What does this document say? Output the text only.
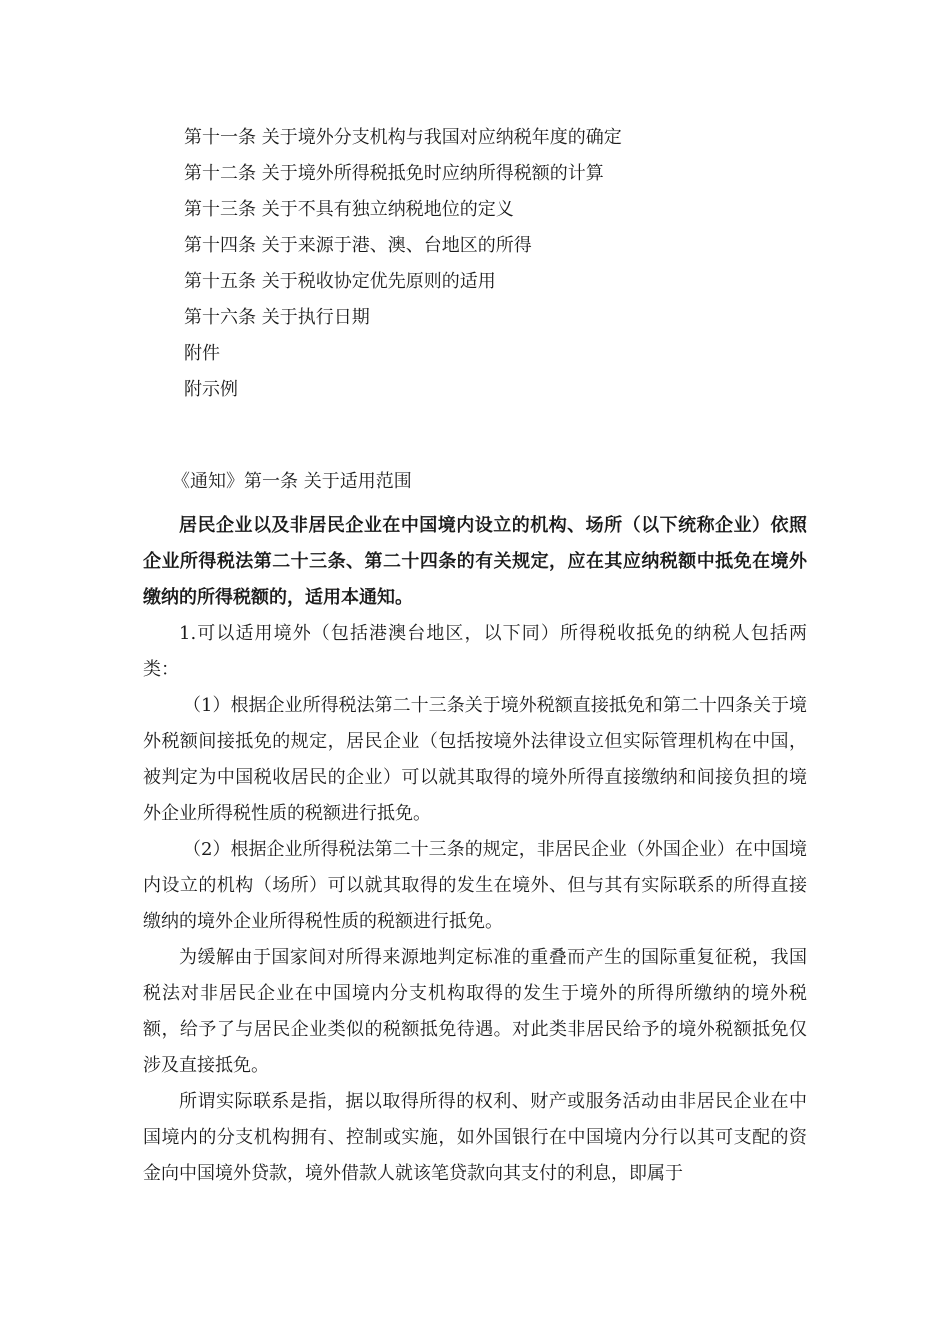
第十一条 关于境外分支机构与我国对应纳税年度的确定
第十二条 关于境外所得税抵免时应纳所得税额的计算
第十三条 关于不具有独立纳税地位的定义
第十四条 关于来源于港、澳、台地区的所得
第十五条 关于税收协定优先原则的适用
第十六条 关于执行日期
附件
附示例
《通知》第一条 关于适用范围

居民企业以及非居民企业在中国境内设立的机构、场所（以下统称企业）依照企业所得税法第二十三条、第二十四条的有关规定，应在其应纳税额中抵免在境外缴纳的所得税额的，适用本通知。

1.可以适用境外（包括港澳台地区，以下同）所得税收抵免的纳税人包括两类：

（1）根据企业所得税法第二十三条关于境外税额直接抵免和第二十四条关于境外税额间接抵免的规定，居民企业（包括按境外法律设立但实际管理机构在中国，被判定为中国税收居民的企业）可以就其取得的境外所得直接缴纳和间接负担的境外企业所得税性质的税额进行抵免。

（2）根据企业所得税法第二十三条的规定，非居民企业（外国企业）在中国境内设立的机构（场所）可以就其取得的发生在境外、但与其有实际联系的所得直接缴纳的境外企业所得税性质的税额进行抵免。

为缓解由于国家间对所得来源地判定标准的重叠而产生的国际重复征税，我国税法对非居民企业在中国境内分支机构取得的发生于境外的所得所缴纳的境外税额，给予了与居民企业类似的税额抵免待遇。对此类非居民给予的境外税额抵免仅涉及直接抵免。

所谓实际联系是指，据以取得所得的权利、财产或服务活动由非居民企业在中国境内的分支机构拥有、控制或实施，如外国银行在中国境内分行以其可支配的资金向中国境外贷款，境外借款人就该笔贷款向其支付的利息，即属于
